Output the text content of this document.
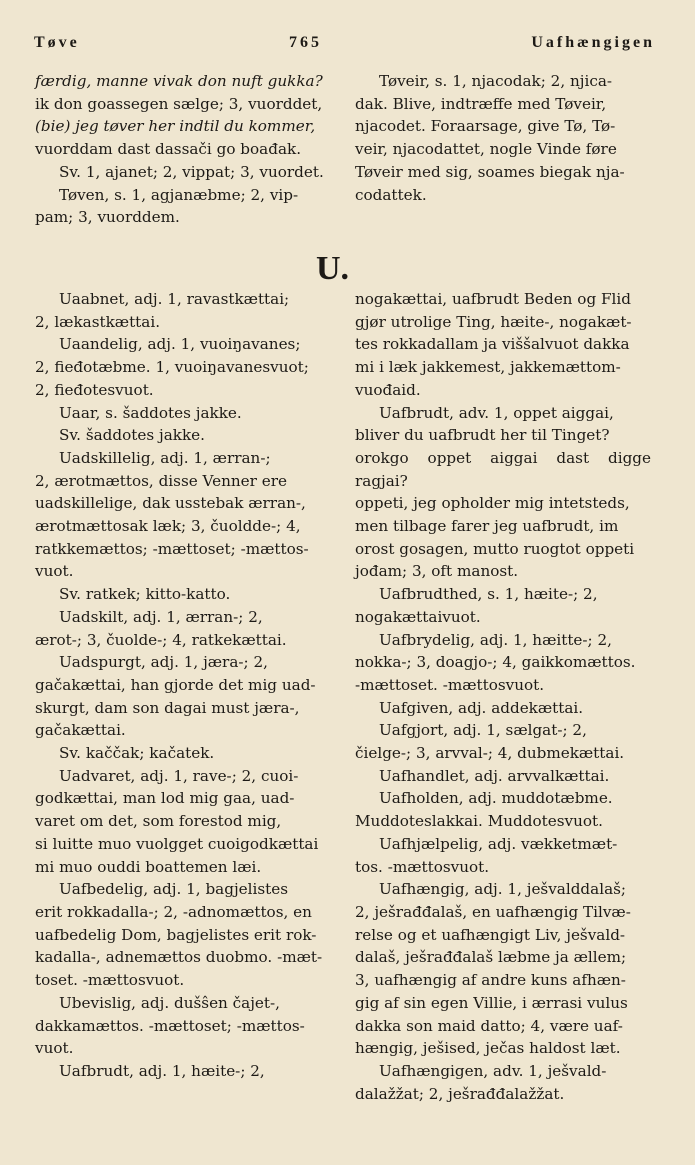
Tøve	765	Uafhængigen

færdig, manne vivak don nuft gukka?

ik don goassegen sælge; 3, vuorddet,

(bie) jeg tøver her indtil du kommer,

vuorddam dast dassači go boađak.

Sv. 1, ajanet; 2, vippat; 3, vuordet.

Tøven, s. 1, agjanæbme; 2, vip-

pam; 3, vuorddem.

Tøveir, s. 1, njacodak; 2, njica-

dak. Blive, indtræffe med Tøveir,

njacodet. Foraarsage, give Tø, Tø-

veir, njacodattet, nogle Vinde føre

Tøveir med sig, soames biegak nja-

codattek.

U.

Uaabnet, adj. 1, ravastkættai;

2, lækastkættai.

Uaandelig, adj. 1, vuoiŋavanes;

2, fieđotæbme. 1, vuoiŋavanesvuot;

2, fieđotesvuot.

Uaar, s. šaddotes jakke.

Sv. šaddotes jakke.

Uadskillelig, adj. 1, ærran-;

2, ærotmættos, disse Venner ere

uadskillelige, dak usstebak ærran-,

ærotmættosak læk; 3, čuoldde-; 4,

ratkkemættos; -mættoset; -mættos-

vuot.

Sv. ratkek; kitto-katto.

Uadskilt, adj. 1, ærran-; 2,

ærot-; 3, čuolde-; 4, ratkekættai.

Uadspurgt, adj. 1, jæra-; 2,

gačakættai, han gjorde det mig uad-

skurgt, dam son dagai must jæra-,

gačakættai.

Sv. kaččak; kačatek.

Uadvaret, adj. 1, rave-; 2, cuoi-

godkættai, man lod mig gaa, uad-

varet om det, som forestod mig,

si luitte muo vuolgget cuoigodkættai

mi muo ouddi boattemen læi.

Uafbedelig, adj. 1, bagjelistes

erit rokkadalla-; 2, -adnomættos, en

uafbedelig Dom, bagjelistes erit rok-

kadalla-, adnemættos duobmo. -mæt-

toset. -mættosvuot.

Ubevislig, adj. dušŝen čajet-,

dakkamættos. -mættoset; -mættos-

vuot.

Uafbrudt, adj. 1, hæite-; 2,

nogakættai, uafbrudt Beden og Flid

gjør utrolige Ting, hæite-, nogakæt-

tes rokkadallam ja viššalvuot dakka

mi i læk jakkemest, jakkemættom-

vuođaid.

Uafbrudt, adv. 1, oppet aiggai,

bliver du uafbrudt her til Tinget?

orokgo oppet aiggai dast digge ragjai?

oppeti, jeg opholder mig intetsteds,

men tilbage farer jeg uafbrudt, im

orost gosagen, mutto ruogtot oppeti

jođam; 3, oft manost.

Uafbrudthed, s. 1, hæite-; 2,

nogakættaivuot.

Uafbrydelig, adj. 1, hæitte-; 2,

nokka-; 3, doagjo-; 4, gaikkomættos.

-mættoset. -mættosvuot.

Uafgiven, adj. addekættai.

Uafgjort, adj. 1, sælgat-; 2,

čielge-; 3, arvval-; 4, dubmekættai.

Uafhandlet, adj. arvvalkættai.

Uafholden, adj. muddotæbme.

Muddoteslakkai. Muddotesvuot.

Uafhjælpelig, adj. vækketmæt-

tos. -mættosvuot.

Uafhængig, adj. 1, ješvalddalaš;

2, ješrađđalaš, en uafhængig Tilvæ-

relse og et uafhængigt Liv, ješvald-

dalaš, ješrađđalaš læbme ja ællem;

3, uafhængig af andre kuns afhæn-

gig af sin egen Villie, i ærrasi vulus

dakka son maid datto; 4, være uaf-

hængig, ješised, ječas haldost læt.

Uafhængigen, adv. 1, ješvald-

dalažžat; 2, ješrađđalažžat.
